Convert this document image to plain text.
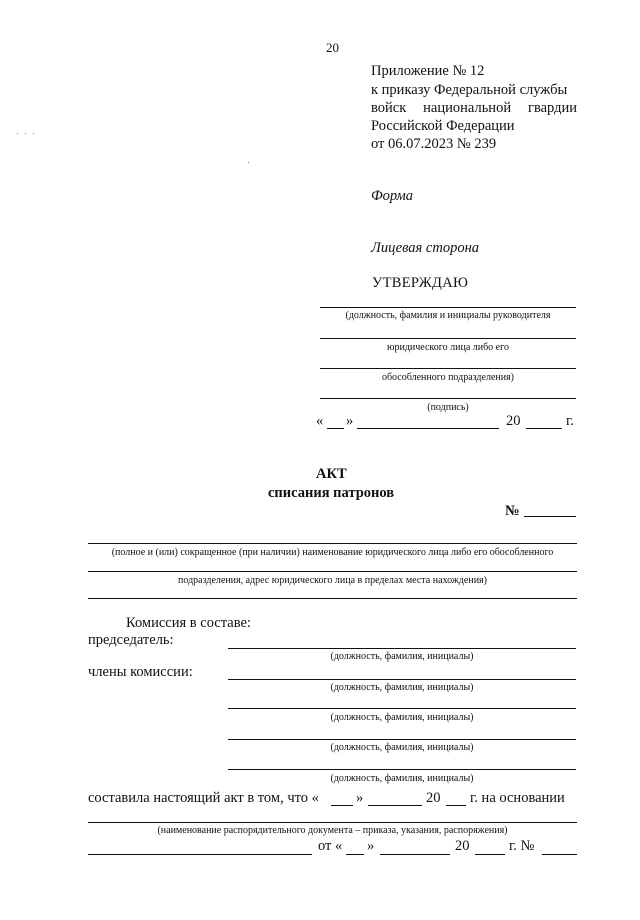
20
Приложение № 12
к приказу Федеральной службы
войск национальной гвардии
Российской Федерации
от 06.07.2023 № 239
Форма
Лицевая сторона
УТВЕРЖДАЮ
(должность, фамилия и инициалы руководителя
юридического лица либо его
обособленного подразделения)
(подпись)
« »	20	г.
АКТ
списания патронов
№
(полное и (или) сокращенное (при наличии) наименование юридического лица либо его обособленного
подразделения, адрес юридического лица в пределах места нахождения)
Комиссия в составе:
председатель:
(должность, фамилия, инициалы)
члены комиссии:
(должность, фамилия, инициалы)
(должность, фамилия, инициалы)
(должность, фамилия, инициалы)
(должность, фамилия, инициалы)
составила настоящий акт в том, что «	»	20 г. на основании
(наименование распорядительного документа – приказа, указания, распоряжения)
от « »	20	г. №
